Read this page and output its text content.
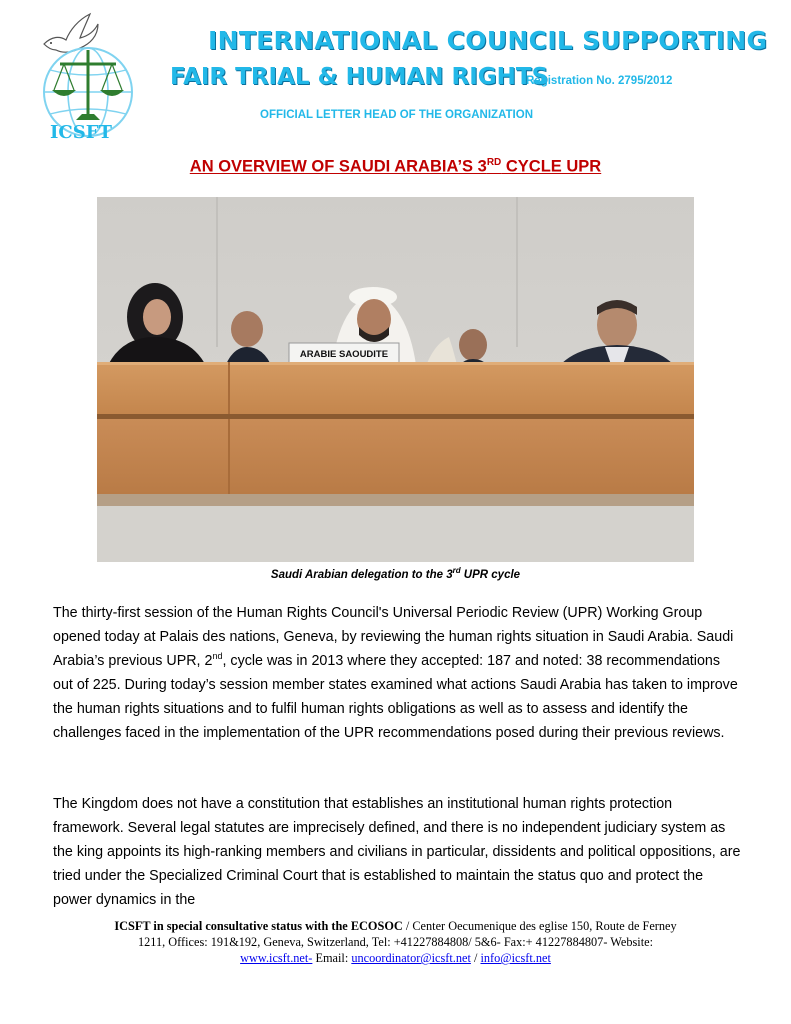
ICSFT
INTERNATIONAL COUNCIL SUPPORTING
FAIR TRIAL & HUMAN RIGHTS
Registration No. 2795/2012
OFFICIAL LETTER HEAD OF THE ORGANIZATION
AN OVERVIEW OF SAUDI ARABIA’S 3RD CYCLE UPR
ARABIE SAOUDITE
Saudi Arabian delegation to the 3rd UPR cycle

The thirty-first session of the Human Rights Council's Universal Periodic Review (UPR) Working Group opened today at Palais des nations, Geneva, by reviewing the human rights situation in Saudi Arabia. Saudi Arabia’s previous UPR, 2nd, cycle was in 2013 where they accepted: 187 and noted: 38 recommendations out of 225. During today’s session member states examined what actions Saudi Arabia has taken to improve the human rights situations and to fulfil human rights obligations as well as to assess and identify the challenges faced in the implementation of the UPR recommendations posed during their previous reviews.

The Kingdom does not have a constitution that establishes an institutional human rights protection framework. Several legal statutes are imprecisely defined, and there is no independent judiciary system as the king appoints its high-ranking members and civilians in particular, dissidents and political oppositions, are tried under the Specialized Criminal Court that is established to maintain the status quo and protect the power dynamics in the

ICSFT in special consultative status with the ECOSOC / Center Oecumenique des eglise 150, Route de Ferney
1211, Offices: 191&192, Geneva, Switzerland, Tel: +41227884808/ 5&6- Fax:+ 41227884807- Website:
www.icsft.net- Email: uncoordinator@icsft.net / info@icsft.net
